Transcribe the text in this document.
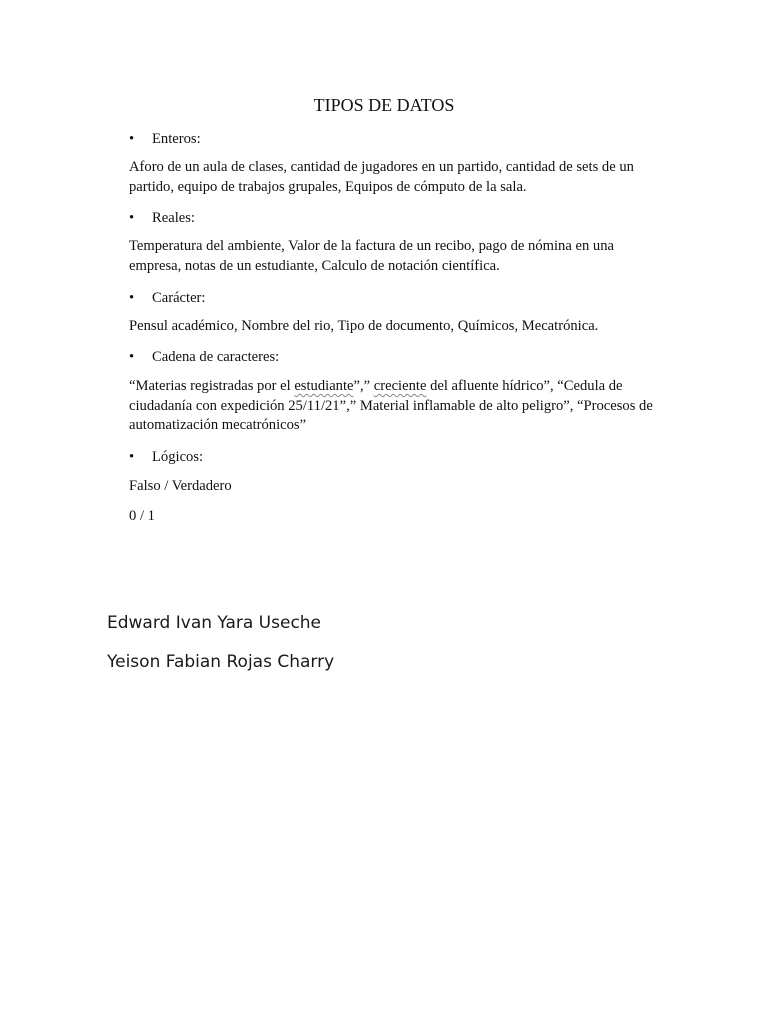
TIPOS DE DATOS
• Enteros:
Aforo de un aula de clases, cantidad de jugadores en un partido, cantidad de sets de un partido, equipo de trabajos grupales, Equipos de cómputo de la sala.
• Reales:
Temperatura del ambiente, Valor de la factura de un recibo, pago de nómina en una empresa, notas de un estudiante, Calculo de notación científica.
• Carácter:
Pensul académico, Nombre del rio, Tipo de documento, Químicos, Mecatrónica.
• Cadena de caracteres:
“Materias registradas por el estudiante”,” creciente del afluente hídrico”, “Cedula de ciudadanía con expedición 25/11/21”,” Material inflamable de alto peligro”, “Procesos de automatización mecatrónicos”
• Lógicos:
Falso / Verdadero
0 / 1
Edward Ivan Yara Useche
Yeison Fabian Rojas Charry
